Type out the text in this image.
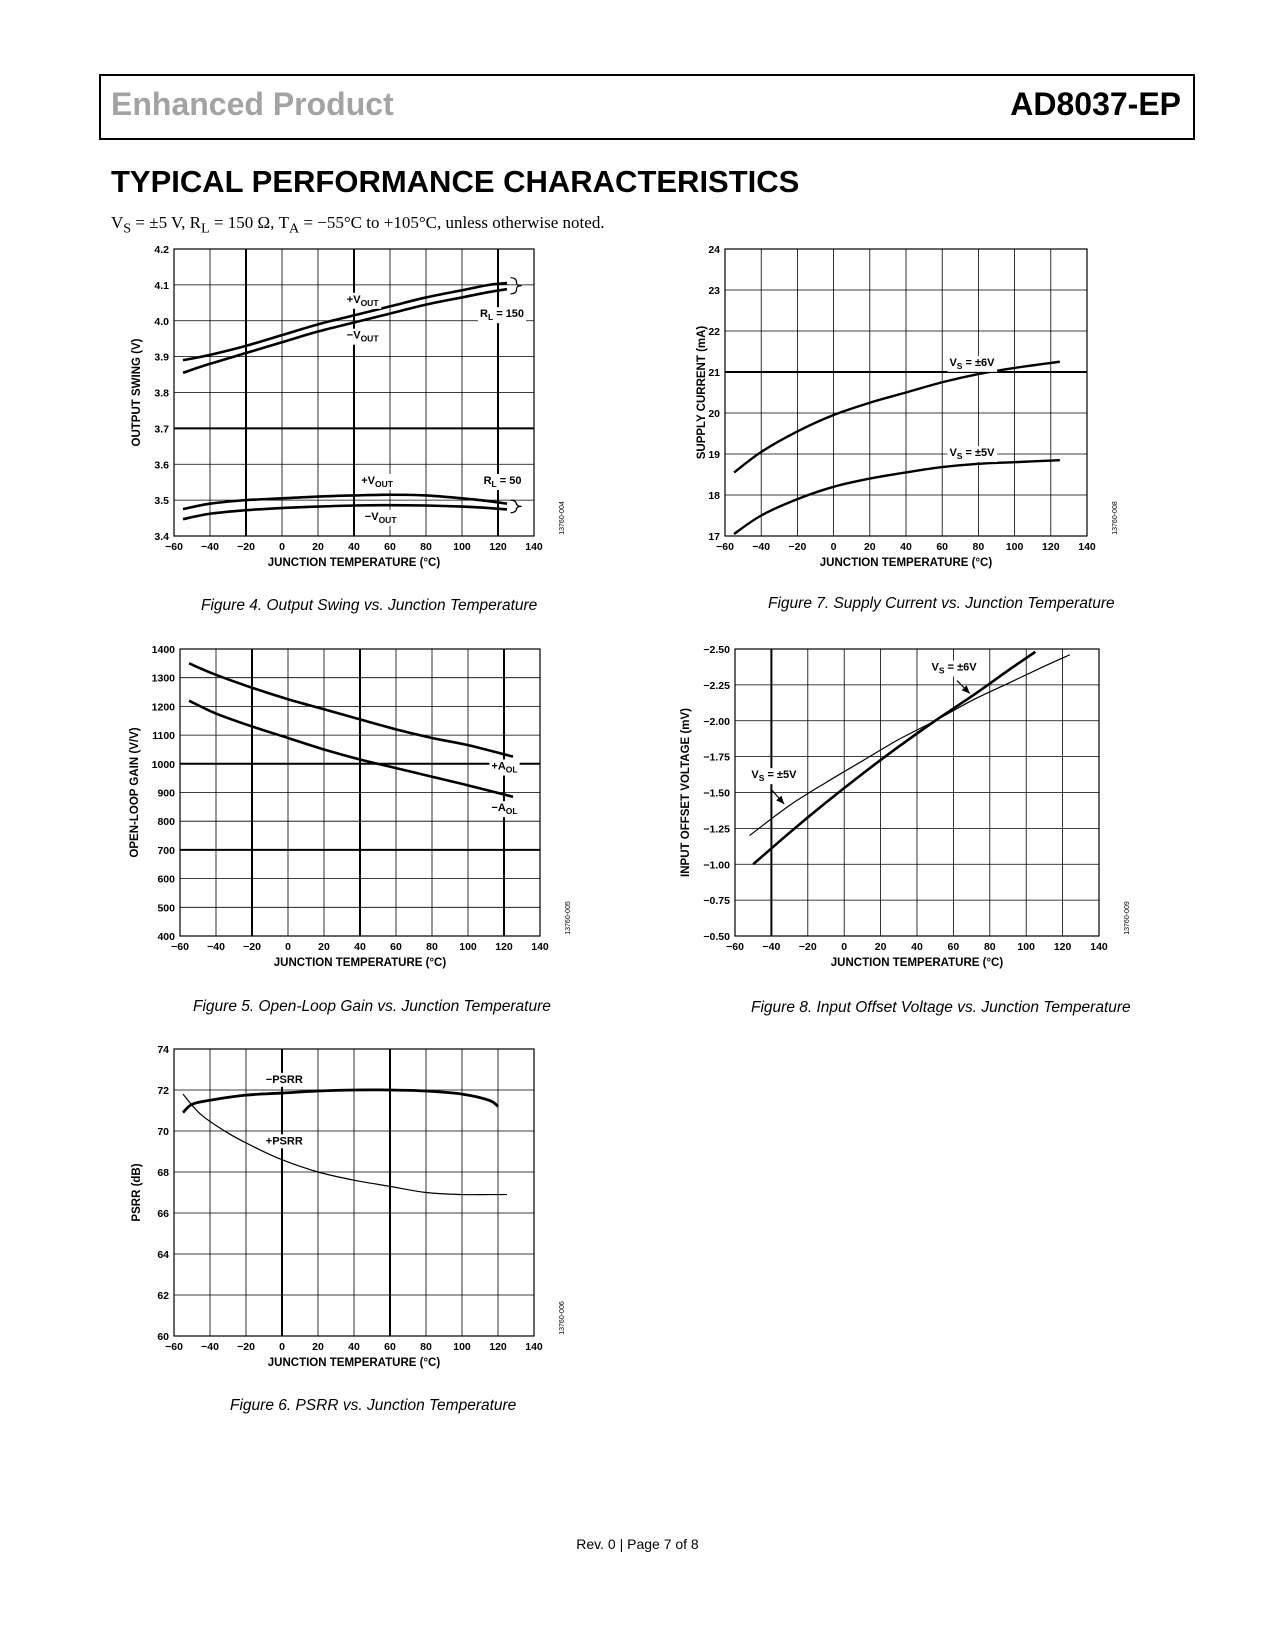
Enhanced Product	AD8037-EP
TYPICAL PERFORMANCE CHARACTERISTICS
$V_S = \pm 5$ V, $R_L = 150$ Ω, $T_A = -55^\circ C$ to +105°C, unless otherwise noted.
−60 −40 −20 0	20 40 60 80 100 120 140
3.4
3.5
3.6
3.7
3.8
3.9
4.0
4.1
4.2
JUNCTION TEMPERATURE (°C)
OUTPUT SWING (V)
13760-004
$+V_{OUT}$
$-V_{OUT}$
$R_L = 150$
$+V_{OUT}$
$-V_{OUT}$
$R_L = 50$
Figure 4. Output Swing vs. Junction Temperature
−60 −40 −20 0	20 40 60 80 100 120 140
400
500
600
700
800
900
1000
1100
1200
1300
1400
JUNCTION TEMPERATURE (°C)
OPEN-LOOP GAIN (V/V)
13760-005
$+A_{OL}$
$-A_{OL}$
Figure 5. Open-Loop Gain vs. Junction Temperature
−60 −40 −20 0	20 40 60 80 100 120 140
60
62
64
66
68
70
72
74
JUNCTION TEMPERATURE (°C)
PSRR (dB)
13760-006
−PSRR
+PSRR
Figure 6. PSRR vs. Junction Temperature
−60 −40 −20 0	20 40 60 80 100 120 140
17
18
19
20
21
22
23
24
JUNCTION TEMPERATURE (°C)
SUPPLY CURRENT (mA)
13760-008
$V_S = \pm 6V$
$V_S = \pm 5V$
Figure 7. Supply Current vs. Junction Temperature
−60 −40 −20 0	20 40 60 80 100 120 140
−0.50
−0.75
−1.00
−1.25
−1.50
−1.75
−2.00
−2.25
−2.50
JUNCTION TEMPERATURE (°C)
INPUT OFFSET VOLTAGE (mV)
13760-009
$V_S = \pm 6V$
$V_S = \pm 5V$
Figure 8. Input Offset Voltage vs. Junction Temperature
Rev. 0 | Page 7 of 8
